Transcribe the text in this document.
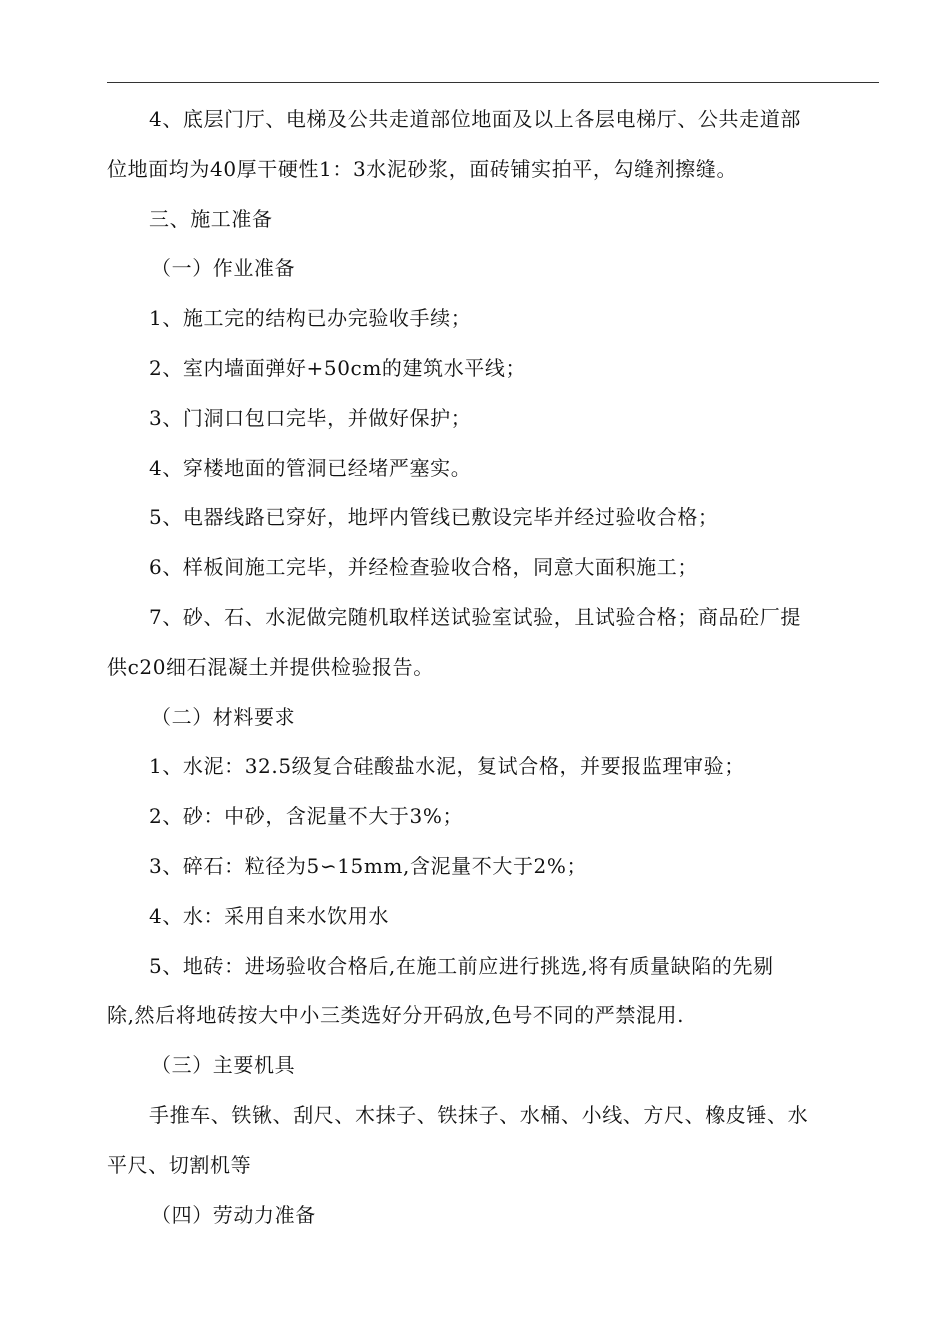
4、底层门厅、电梯及公共走道部位地面及以上各层电梯厅、公共走道部
位地面均为40厚干硬性1：3水泥砂浆，面砖铺实拍平，勾缝剂擦缝。
三、施工准备
（一）作业准备
1、施工完的结构已办完验收手续；
2、室内墙面弹好+50cm的建筑水平线；
3、门洞口包口完毕，并做好保护；
4、穿楼地面的管洞已经堵严塞实。
5、电器线路已穿好，地坪内管线已敷设完毕并经过验收合格；
6、样板间施工完毕，并经检查验收合格，同意大面积施工；
7、砂、石、水泥做完随机取样送试验室试验，且试验合格；商品砼厂提
供c20细石混凝土并提供检验报告。
（二）材料要求
1、水泥：32.5级复合硅酸盐水泥，复试合格，并要报监理审验；
2、砂：中砂，含泥量不大于3%；
3、碎石：粒径为5∽15mm,含泥量不大于2%；
4、水：采用自来水饮用水
5、地砖：进场验收合格后,在施工前应进行挑选,将有质量缺陷的先剔
除,然后将地砖按大中小三类选好分开码放,色号不同的严禁混用.
（三）主要机具
手推车、铁锹、刮尺、木抹子、铁抹子、水桶、小线、方尺、橡皮锤、水
平尺、切割机等
（四）劳动力准备
